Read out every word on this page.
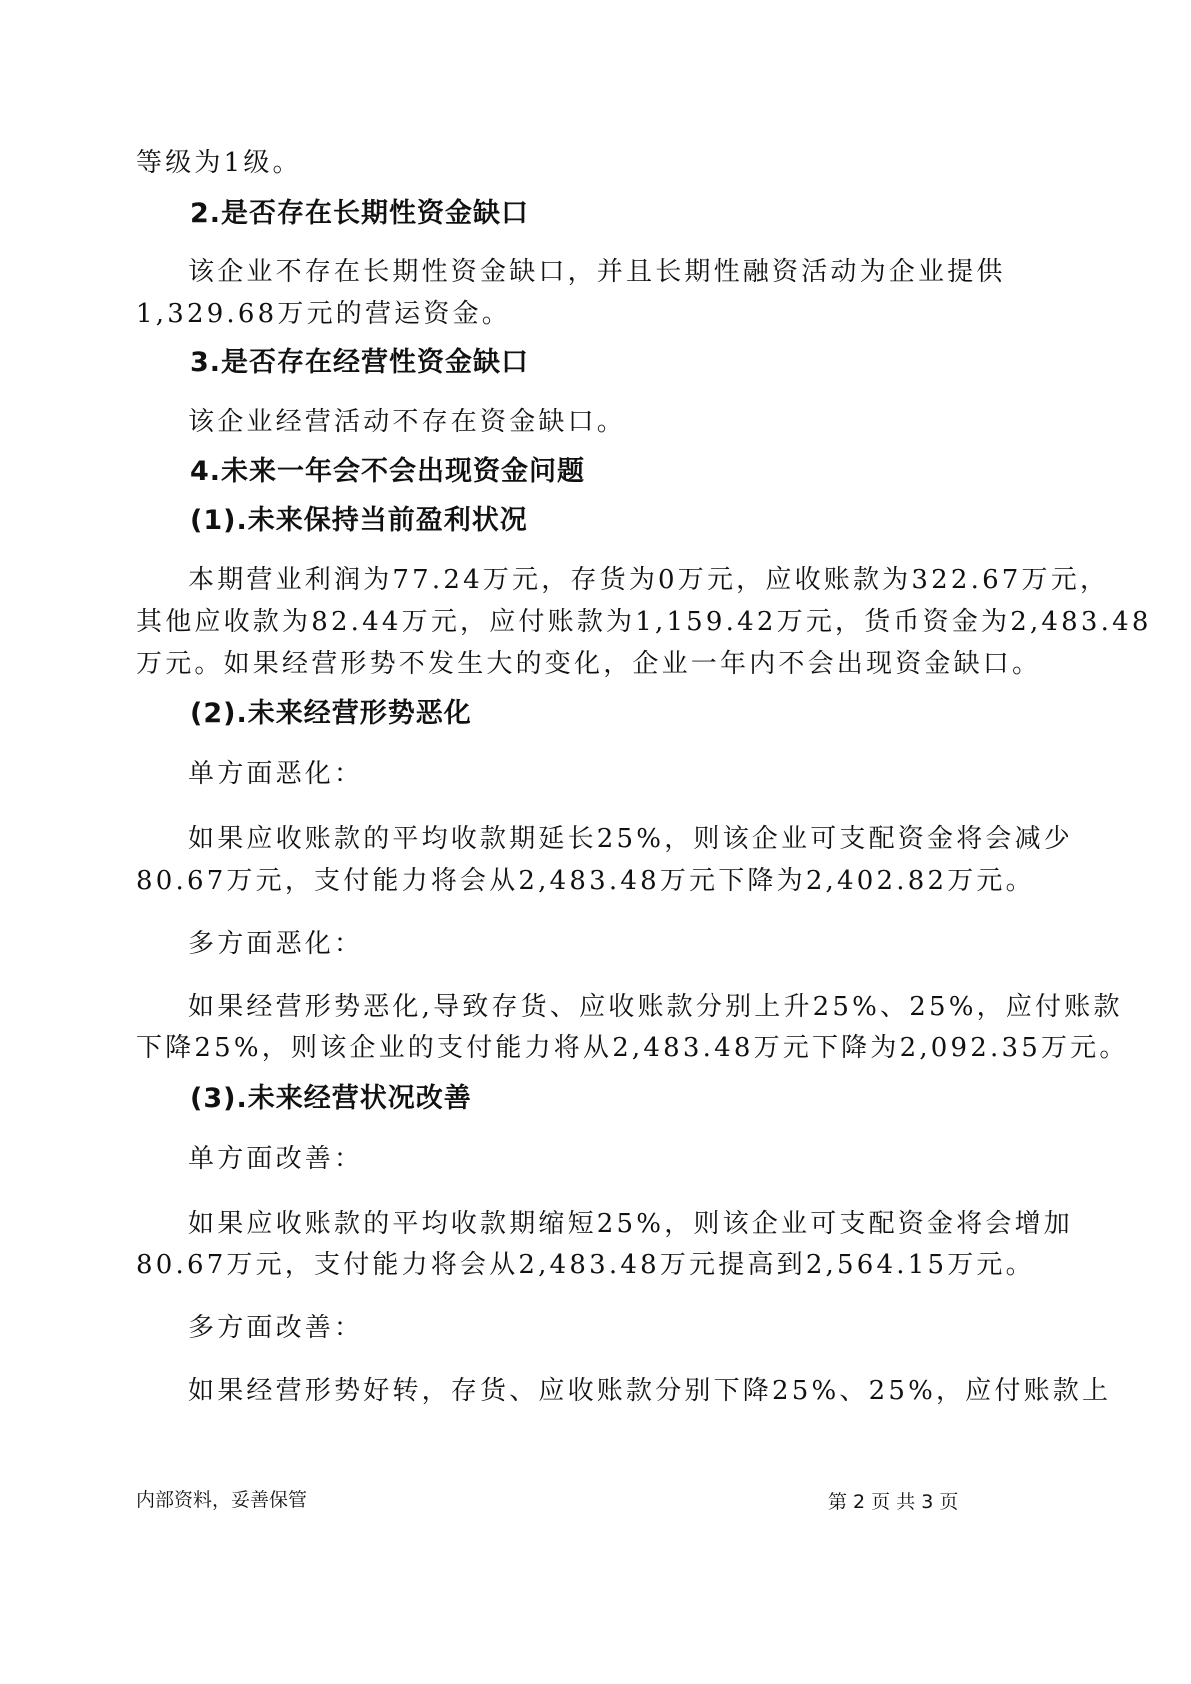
等级为1级。
2.是否存在长期性资金缺口
该企业不存在长期性资金缺口，并且长期性融资活动为企业提供
1,329.68万元的营运资金。
3.是否存在经营性资金缺口
该企业经营活动不存在资金缺口。
4.未来一年会不会出现资金问题
(1).未来保持当前盈利状况
本期营业利润为77.24万元，存货为0万元，应收账款为322.67万元，
其他应收款为82.44万元，应付账款为1,159.42万元，货币资金为2,483.48
万元。如果经营形势不发生大的变化，企业一年内不会出现资金缺口。
(2).未来经营形势恶化
单方面恶化：
如果应收账款的平均收款期延长25%，则该企业可支配资金将会减少
80.67万元，支付能力将会从2,483.48万元下降为2,402.82万元。
多方面恶化：
如果经营形势恶化,导致存货、应收账款分别上升25%、25%，应付账款
下降25%，则该企业的支付能力将从2,483.48万元下降为2,092.35万元。
(3).未来经营状况改善
单方面改善：
如果应收账款的平均收款期缩短25%，则该企业可支配资金将会增加
80.67万元，支付能力将会从2,483.48万元提高到2,564.15万元。
多方面改善：
如果经营形势好转，存货、应收账款分别下降25%、25%，应付账款上
内部资料，妥善保管	第 2 页 共 3 页
